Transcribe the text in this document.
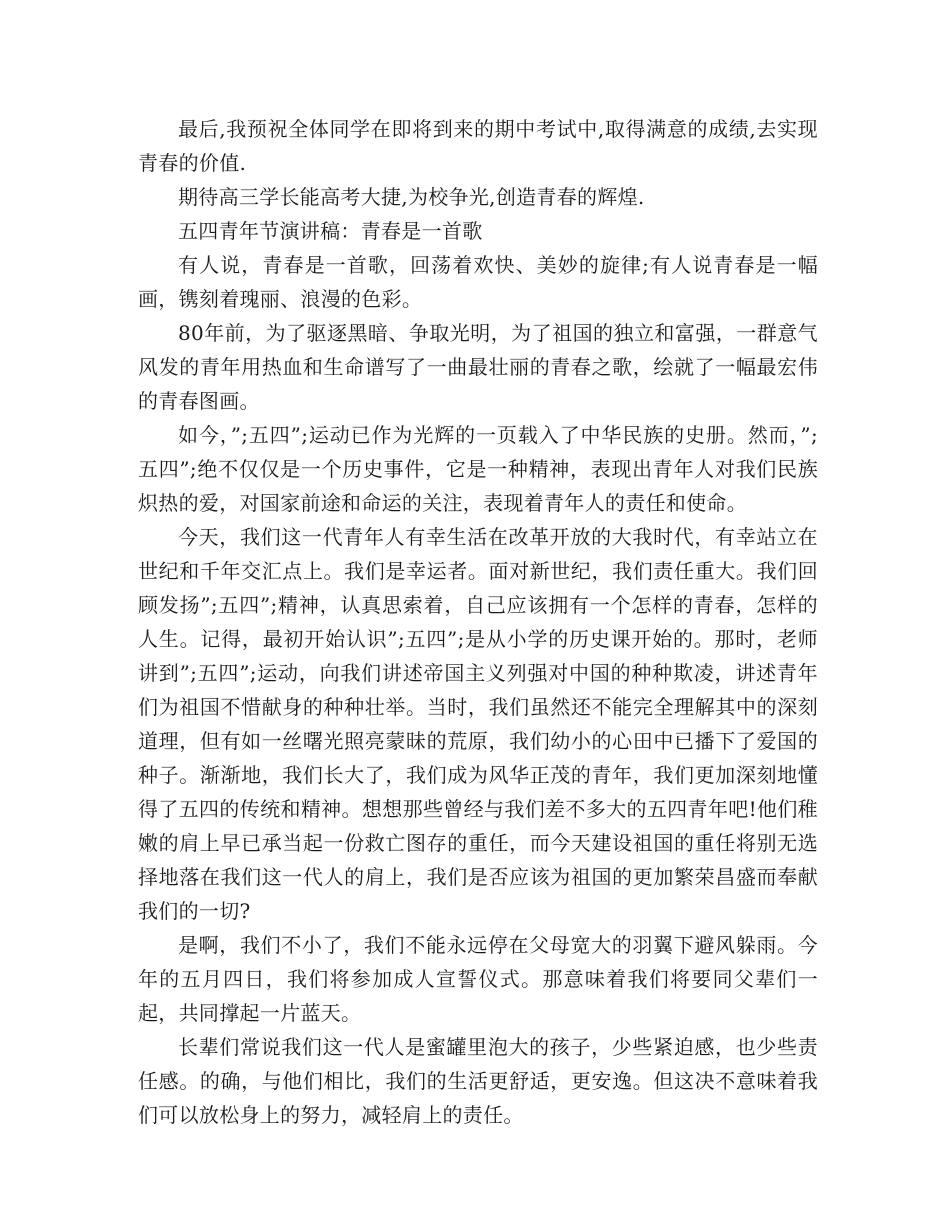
最后,我预祝全体同学在即将到来的期中考试中,取得满意的成绩,去实现青春的价值.

期待高三学长能高考大捷,为校争光,创造青春的辉煌.

五四青年节演讲稿：青春是一首歌

有人说，青春是一首歌，回荡着欢快、美妙的旋律;有人说青春是一幅画，镌刻着瑰丽、浪漫的色彩。

80年前，为了驱逐黑暗、争取光明，为了祖国的独立和富强，一群意气风发的青年用热血和生命谱写了一曲最壮丽的青春之歌，绘就了一幅最宏伟的青春图画。

如今，”;五四”;运动已作为光辉的一页载入了中华民族的史册。然而，”;五四”;绝不仅仅是一个历史事件，它是一种精神，表现出青年人对我们民族炽热的爱，对国家前途和命运的关注，表现着青年人的责任和使命。

今天，我们这一代青年人有幸生活在改革开放的大我时代，有幸站立在世纪和千年交汇点上。我们是幸运者。面对新世纪，我们责任重大。我们回顾发扬”;五四”;精神，认真思索着，自己应该拥有一个怎样的青春，怎样的人生。记得，最初开始认识”;五四”;是从小学的历史课开始的。那时，老师讲到”;五四”;运动，向我们讲述帝国主义列强对中国的种种欺凌，讲述青年们为祖国不惜献身的种种壮举。当时，我们虽然还不能完全理解其中的深刻道理，但有如一丝曙光照亮蒙昧的荒原，我们幼小的心田中已播下了爱国的种子。渐渐地，我们长大了，我们成为风华正茂的青年，我们更加深刻地懂得了五四的传统和精神。想想那些曾经与我们差不多大的五四青年吧!他们稚嫩的肩上早已承当起一份救亡图存的重任，而今天建设祖国的重任将别无选择地落在我们这一代人的肩上，我们是否应该为祖国的更加繁荣昌盛而奉献我们的一切?

是啊，我们不小了，我们不能永远停在父母宽大的羽翼下避风躲雨。今年的五月四日，我们将参加成人宣誓仪式。那意味着我们将要同父辈们一起，共同撑起一片蓝天。

长辈们常说我们这一代人是蜜罐里泡大的孩子，少些紧迫感，也少些责任感。的确，与他们相比，我们的生活更舒适，更安逸。但这决不意味着我们可以放松身上的努力，减轻肩上的责任。
